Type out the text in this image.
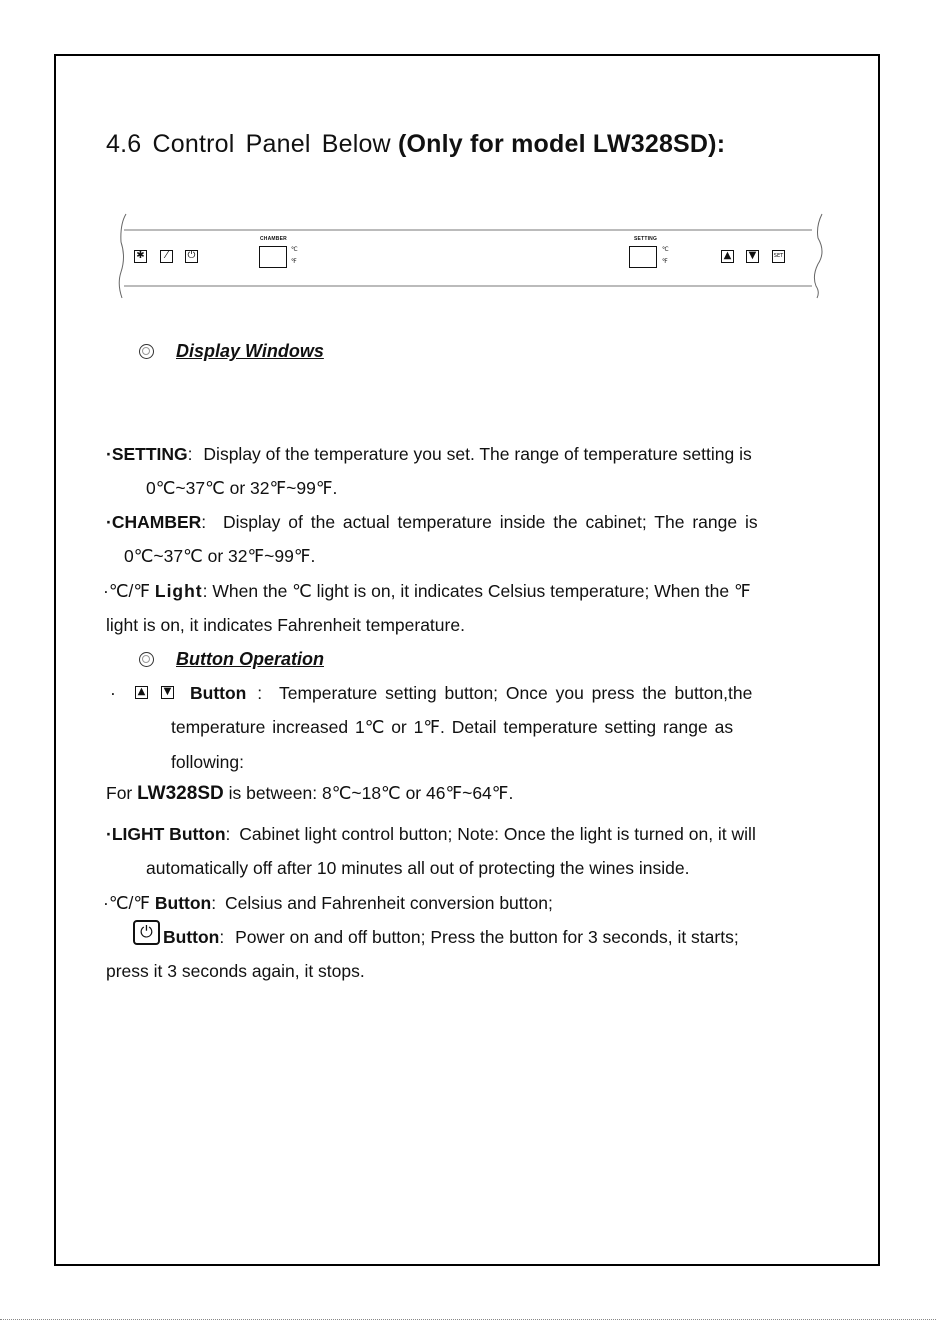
4.6 Control Panel Below (Only for model LW328SD):
✱	⁄	⏻
CHAMBER
℃
℉
SETTING
℃
℉
▲ ▼	SET
Display Windows
·SETTING: Display of the temperature you set. The range of temperature setting is
0℃~37℃ or 32℉~99℉.
·CHAMBER: Display of the actual temperature inside the cabinet; The range is
0℃~37℃ or 32℉~99℉.
·℃/℉ Light: When the ℃ light is on, it indicates Celsius temperature; When the ℉
light is on, it indicates Fahrenheit temperature.
Button Operation
· ▲ ▼ Button : Temperature setting button; Once you press the button,the
temperature increased 1℃ or 1℉. Detail temperature setting range as
following:
For LW328SD is between: 8℃~18℃ or 46℉~64℉.
·LIGHT Button: Cabinet light control button; Note: Once the light is turned on, it will
automatically off after 10 minutes all out of protecting the wines inside.
·℃/℉ Button: Celsius and Fahrenheit conversion button;
⏻ Button: Power on and off button; Press the button for 3 seconds, it starts;
press it 3 seconds again, it stops.
